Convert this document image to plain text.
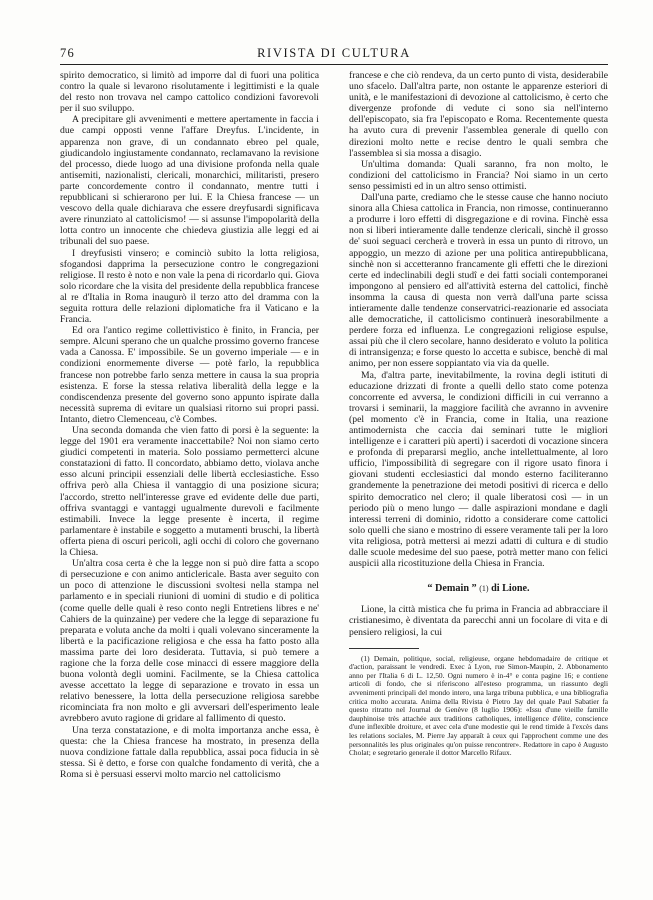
76	RIVISTA DI CULTURA

spirito democratico, si limitò ad imporre dal di fuori una politica contro la quale si levarono risolutamente i legittimisti e la quale del resto non trovava nel campo cattolico condizioni favorevoli per il suo sviluppo.

A precipitare gli avvenimenti e mettere apertamente in faccia i due campi opposti venne l'affare Dreyfus. L'incidente, in apparenza non grave, di un condannato ebreo pel quale, giudicandolo ingiustamente condannato, reclamavano la revisione del processo, diede luogo ad una divisione profonda nella quale antisemiti, nazionalisti, clericali, monarchici, militaristi, presero parte concordemente contro il condannato, mentre tutti i repubblicani si schierarono per lui. E la Chiesa francese — un vescovo della quale dichiarava che essere dreyfusardi significava avere rinunziato al cattolicismo! — si assunse l'impopolarità della lotta contro un innocente che chiedeva giustizia alle leggi ed ai tribunali del suo paese.

I dreyfusisti vinsero; e cominciò subito la lotta religiosa, sfogandosi dapprima la persecuzione contro le congregazioni religiose. Il resto è noto e non vale la pena di ricordarlo qui. Giova solo ricordare che la visita del presidente della repubblica francese al re d'Italia in Roma inaugurò il terzo atto del dramma con la seguita rottura delle relazioni diplomatiche fra il Vaticano e la Francia.

Ed ora l'antico regime collettivistico è finito, in Francia, per sempre. Alcuni sperano che un qualche prossimo governo francese vada a Canossa. E' impossibile. Se un governo imperiale — e in condizioni enormemente diverse — potè farlo, la repubblica francese non potrebbe farlo senza mettere in causa la sua propria esistenza. E forse la stessa relativa liberalità della legge e la condiscendenza presente del governo sono appunto ispirate dalla necessità suprema di evitare un qualsiasi ritorno sui propri passi. Intanto, dietro Clemenceau, c'è Combes.

Una seconda domanda che vien fatto di porsi è la seguente: la legge del 1901 era veramente inaccettabile? Noi non siamo certo giudici competenti in materia. Solo possiamo permetterci alcune constatazioni di fatto. Il concordato, abbiamo detto, violava anche esso alcuni principii essenziali delle libertà ecclesiastiche. Esso offriva però alla Chiesa il vantaggio di una posizione sicura; l'accordo, stretto nell'interesse grave ed evidente delle due parti, offriva svantaggi e vantaggi ugualmente durevoli e facilmente estimabili. Invece la legge presente è incerta, il regime parlamentare è instabile e soggetto a mutamenti bruschi, la libertà offerta piena di oscuri pericoli, agli occhi di coloro che governano la Chiesa.

Un'altra cosa certa è che la legge non si può dire fatta a scopo di persecuzione e con animo anticlericale. Basta aver seguito con un poco di attenzione le discussioni svoltesi nella stampa nel parlamento e in speciali riunioni di uomini di studio e di politica (come quelle delle quali è reso conto negli Entretiens libres e ne' Cahiers de la quinzaine) per vedere che la legge di separazione fu preparata e voluta anche da molti i quali volevano sinceramente la libertà e la pacificazione religiosa e che essa ha fatto posto alla massima parte dei loro desiderata. Tuttavia, si può temere a ragione che la forza delle cose minacci di essere maggiore della buona volontà degli uomini. Facilmente, se la Chiesa cattolica avesse accettato la legge di separazione e trovato in essa un relativo benessere, la lotta della persecuzione religiosa sarebbe ricominciata fra non molto e gli avversari dell'esperimento leale avrebbero avuto ragione di gridare al fallimento di questo.

Una terza constatazione, e di molta importanza anche essa, è questa: che la Chiesa francese ha mostrato, in presenza della nuova condizione fattale dalla repubblica, assai poca fiducia in sè stessa. Si è detto, e forse con qualche fondamento di verità, che a Roma si è persuasi esservi molto marcio nel cattolicismo

francese e che ciò rendeva, da un certo punto di vista, desiderabile uno sfacelo. Dall'altra parte, non ostante le apparenze esteriori di unità, e le manifestazioni di devozione al cattolicismo, è certo che divergenze profonde di vedute ci sono sia nell'interno dell'episcopato, sia fra l'episcopato e Roma. Recentemente questa ha avuto cura di prevenir l'assemblea generale di quello con direzioni molto nette e recise dentro le quali sembra che l'assemblea si sia mossa a disagio.

Un'ultima domanda: Quali saranno, fra non molto, le condizioni del cattolicismo in Francia? Noi siamo in un certo senso pessimisti ed in un altro senso ottimisti.

Dall'una parte, crediamo che le stesse cause che hanno nociuto sinora alla Chiesa cattolica in Francia, non rimosse, continueranno a produrre i loro effetti di disgregazione e di rovina. Finchè essa non si liberi intieramente dalle tendenze clericali, sinchè il grosso de' suoi seguaci cercherà e troverà in essa un punto di ritrovo, un appoggio, un mezzo di azione per una politica antirepubblicana, sinchè non si accetteranno francamente gli effetti che le direzioni certe ed indeclinabili degli studî e dei fatti sociali contemporanei impongono al pensiero ed all'attività esterna del cattolici, finchè insomma la causa di questa non verrà dall'una parte scissa intieramente dalle tendenze conservatrici-reazionarie ed associata alle democratiche, il cattolicismo continuerà inesorabilmente a perdere forza ed influenza. Le congregazioni religiose espulse, assai più che il clero secolare, hanno desiderato e voluto la politica di intransigenza; e forse questo lo accetta e subisce, benchè di mal animo, per non essere soppiantato via via da quelle.

Ma, d'altra parte, inevitabilmente, la rovina degli istituti di educazione drizzati di fronte a quelli dello stato come potenza concorrente ed avversa, le condizioni difficili in cui verranno a trovarsi i seminarii, la maggiore facilità che avranno in avvenire (pel momento c'è in Francia, come in Italia, una reazione antimodernista che caccia dai seminari tutte le migliori intelligenze e i caratteri più aperti) i sacerdoti di vocazione sincera e profonda di prepararsi meglio, anche intellettualmente, al loro ufficio, l'impossibilità di segregare con il rigore usato finora i giovani studenti ecclesiastici dal mondo esterno faciliteranno grandemente la penetrazione dei metodi positivi di ricerca e dello spirito democratico nel clero; il quale liberatosi così — in un periodo più o meno lungo — dalle aspirazioni mondane e dagli interessi terreni di dominio, ridotto a considerare come cattolici solo quelli che siano e mostrino di essere veramente tali per la loro vita religiosa, potrà mettersi ai mezzi adatti di cultura e di studio dalle scuole medesime del suo paese, potrà metter mano con felici auspicii alla ricostituzione della Chiesa in Francia.

“ Demain ” (1) di Lione.

Lione, la città mistica che fu prima in Francia ad abbracciare il cristianesimo, è diventata da parecchi anni un focolare di vita e di pensiero religiosi, la cui

(1) Demain, politique, social, religieuse, organe hebdomadaire de critique et d'action, paraissant le vendredi. Exec à Lyon, rue Simon-Maupin, 2. Abbonamento anno per l'Italia 6 di L. 12,50. Ogni numero è in-4° e conta pagine 16; e contiene articoli di fondo, che si riferiscono all'esteso programma, un riassunto degli avvenimenti principali del mondo intero, una larga tribuna pubblica, e una bibliografia critica molto accurata. Anima della Rivista è Pietro Jay del quale Paul Sabatier fa questo ritratto nel Journal de Genève (8 luglio 1906): «Issu d'une vieille famille dauphinoise très attachée aux traditions catholiques, intelligence d'élite, conscience d'une inflexible droiture, et avec cela d'une modestie qui le rend timide à l'excès dans les relations sociales, M. Pierre Jay apparaît à ceux qui l'approchent comme une des personnalités les plus originales qu'on puisse rencontrer». Redattore in capo è Augusto Cholat; e segretario generale il dottor Marcello Rifaux.
